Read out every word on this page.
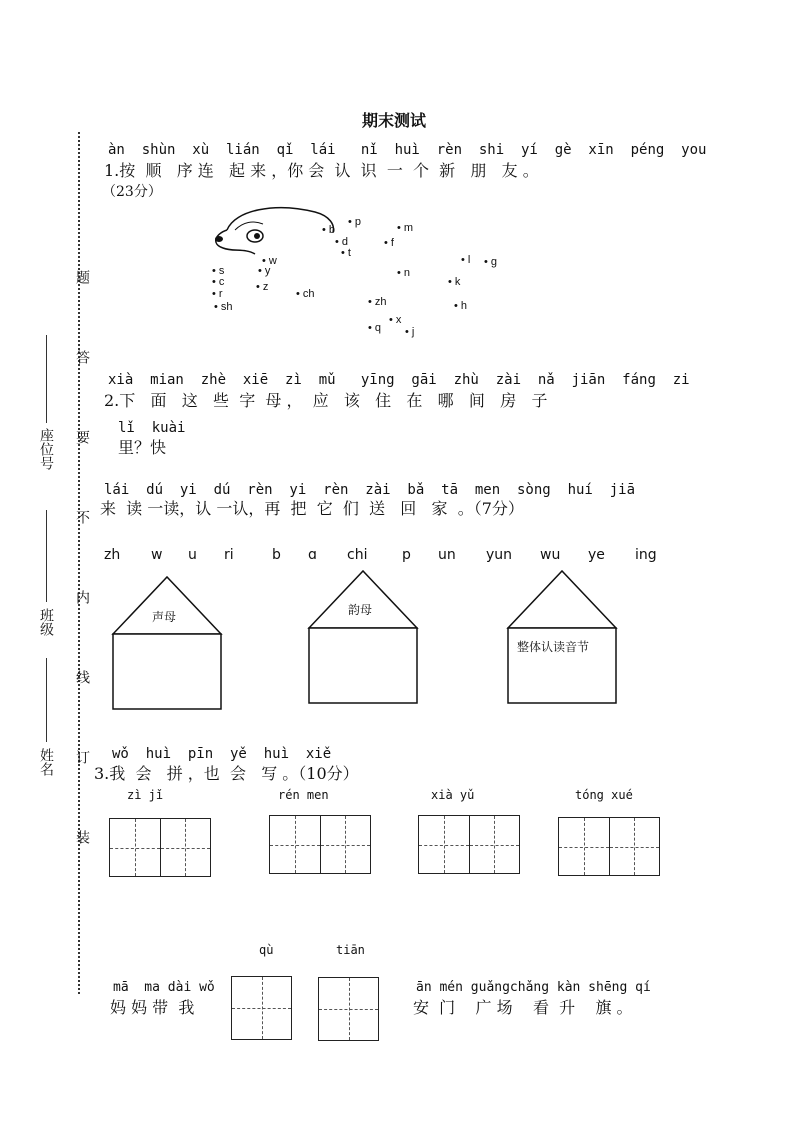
期末测试
题
答
要
不
内
线
订
装
座位号
班级
姓名
àn  shùn  xù  lián  qǐ  lái   nǐ  huì  rèn  shi  yí  gè  xīn  péng  you
1.按  顺   序 连   起 来 ，你 会  认  识  一  个  新   朋   友 。
（23分）
• b
• p	• m
• d	• f
• t
• w
• y
• s
• z
• c
• r	• ch
• sh
• n
• l	• g
• k
• zh	• h
• x
• q	• j
xià  mian  zhè  xiē  zì  mǔ   yīng  gāi  zhù  zài  nǎ  jiān  fáng  zi
2.下   面   这   些  字  母 ，  应   该   住   在   哪   间   房   子
lǐ  kuài
里？快
lái  dú  yi  dú  rèn  yi  rèn  zài  bǎ  tā  men  sòng  huí  jiā
来  读 一读，认 一认，再  把  它  们  送   回   家  。（7分）
zh w u ri	b ɑ chi p un yun wu ye ing
声母	韵母
整体认读音节
wǒ  huì  pīn  yě  huì  xiě
3.我  会   拼 ，也  会   写 。（10分）
zì jǐ	rén men	xià yǔ	tóng xué
qù	tiān
mā  ma dài wǒ
妈 妈 带  我
ān mén guǎngchǎng kàn shēng qí
安  门    广 场    看  升    旗 。
